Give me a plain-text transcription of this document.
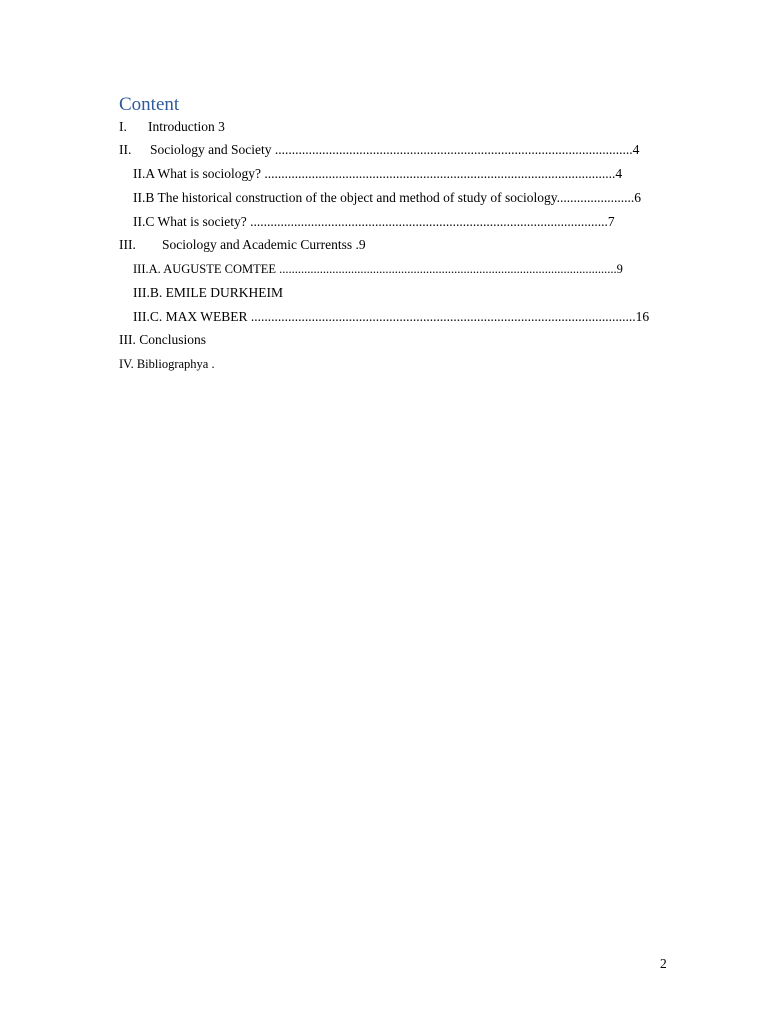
Content
I. Introduction 3
II. Sociology and Society ..........................................................................................................4
II.A What is sociology? ........................................................................................................4
II.B The historical construction of the object and method of study of sociology.......................6
II.C What is society? ..........................................................................................................7
III. Sociology and Academic Currentss .9
III.A. AUGUSTE COMTEE ............................................................................................................9
III.B. EMILE DURKHEIM
III.C. MAX WEBER ..................................................................................................................16
III. Conclusions
IV. Bibliographya .
2
